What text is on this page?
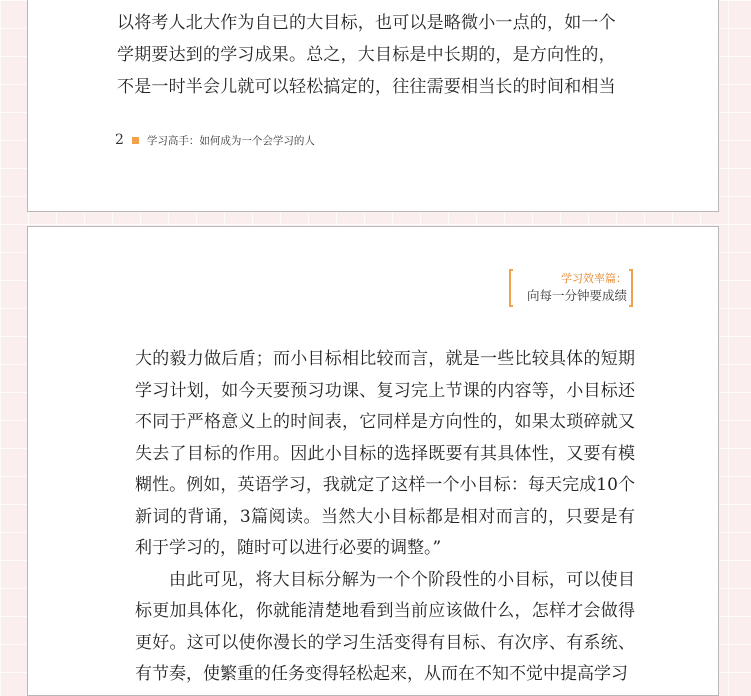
以将考人北大作为自已的大目标，也可以是略微小一点的，如一个

学期要达到的学习成果。总之，大目标是中长期的，是方向性的，

不是一时半会儿就可以轻松搞定的，往往需要相当长的时间和相当

2 学习高手：如何成为一个会学习的人
学习效率篇：
向每一分钟要成绩

大的毅力做后盾；而小目标相比较而言，就是一些比较具体的短期学习计划，如今天要预习功课、复习完上节课的内容等，小目标还不同于严格意义上的时间表，它同样是方向性的，如果太琐碎就又失去了目标的作用。因此小目标的选择既要有其具体性，又要有模糊性。例如，英语学习，我就定了这样一个小目标：每天完成10个新词的背诵，3篇阅读。当然大小目标都是相对而言的，只要是有利于学习的，随时可以进行必要的调整。”

由此可见，将大目标分解为一个个阶段性的小目标，可以使目标更加具体化，你就能清楚地看到当前应该做什么，怎样才会做得更好。这可以使你漫长的学习生活变得有目标、有次序、有系统、有节奏，使繁重的任务变得轻松起来，从而在不知不觉中提高学习
